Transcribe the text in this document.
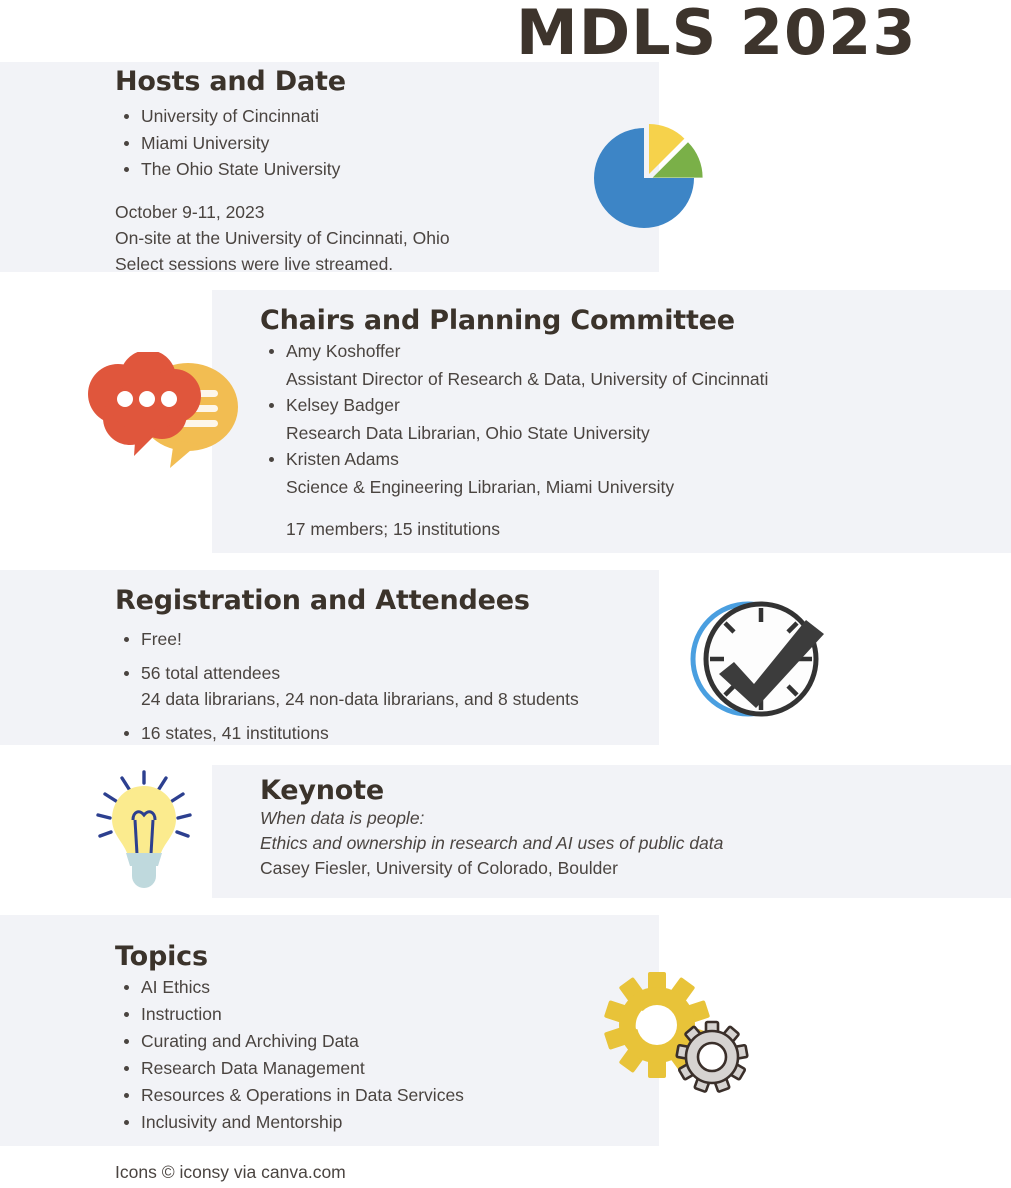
MDLS 2023
Hosts and Date
University of Cincinnati
Miami University
The Ohio State University

October 9-11, 2023

On-site at the University of Cincinnati, Ohio

Select sessions were live streamed.

Chairs and Planning Committee
Amy Koshoffer
Assistant Director of Research & Data, University of Cincinnati
Kelsey Badger
Research Data Librarian, Ohio State University
Kristen Adams
Science & Engineering Librarian, Miami University

17 members; 15 institutions

Registration and Attendees
Free!
56 total attendees
24 data librarians, 24 non-data librarians, and 8 students
16 states, 41 institutions
Keynote

When data is people:

Ethics and ownership in research and AI uses of public data

Casey Fiesler, University of Colorado, Boulder

Topics
AI Ethics
Instruction
Curating and Archiving Data
Research Data Management
Resources & Operations in Data Services
Inclusivity and Mentorship
Icons © iconsy via canva.com
